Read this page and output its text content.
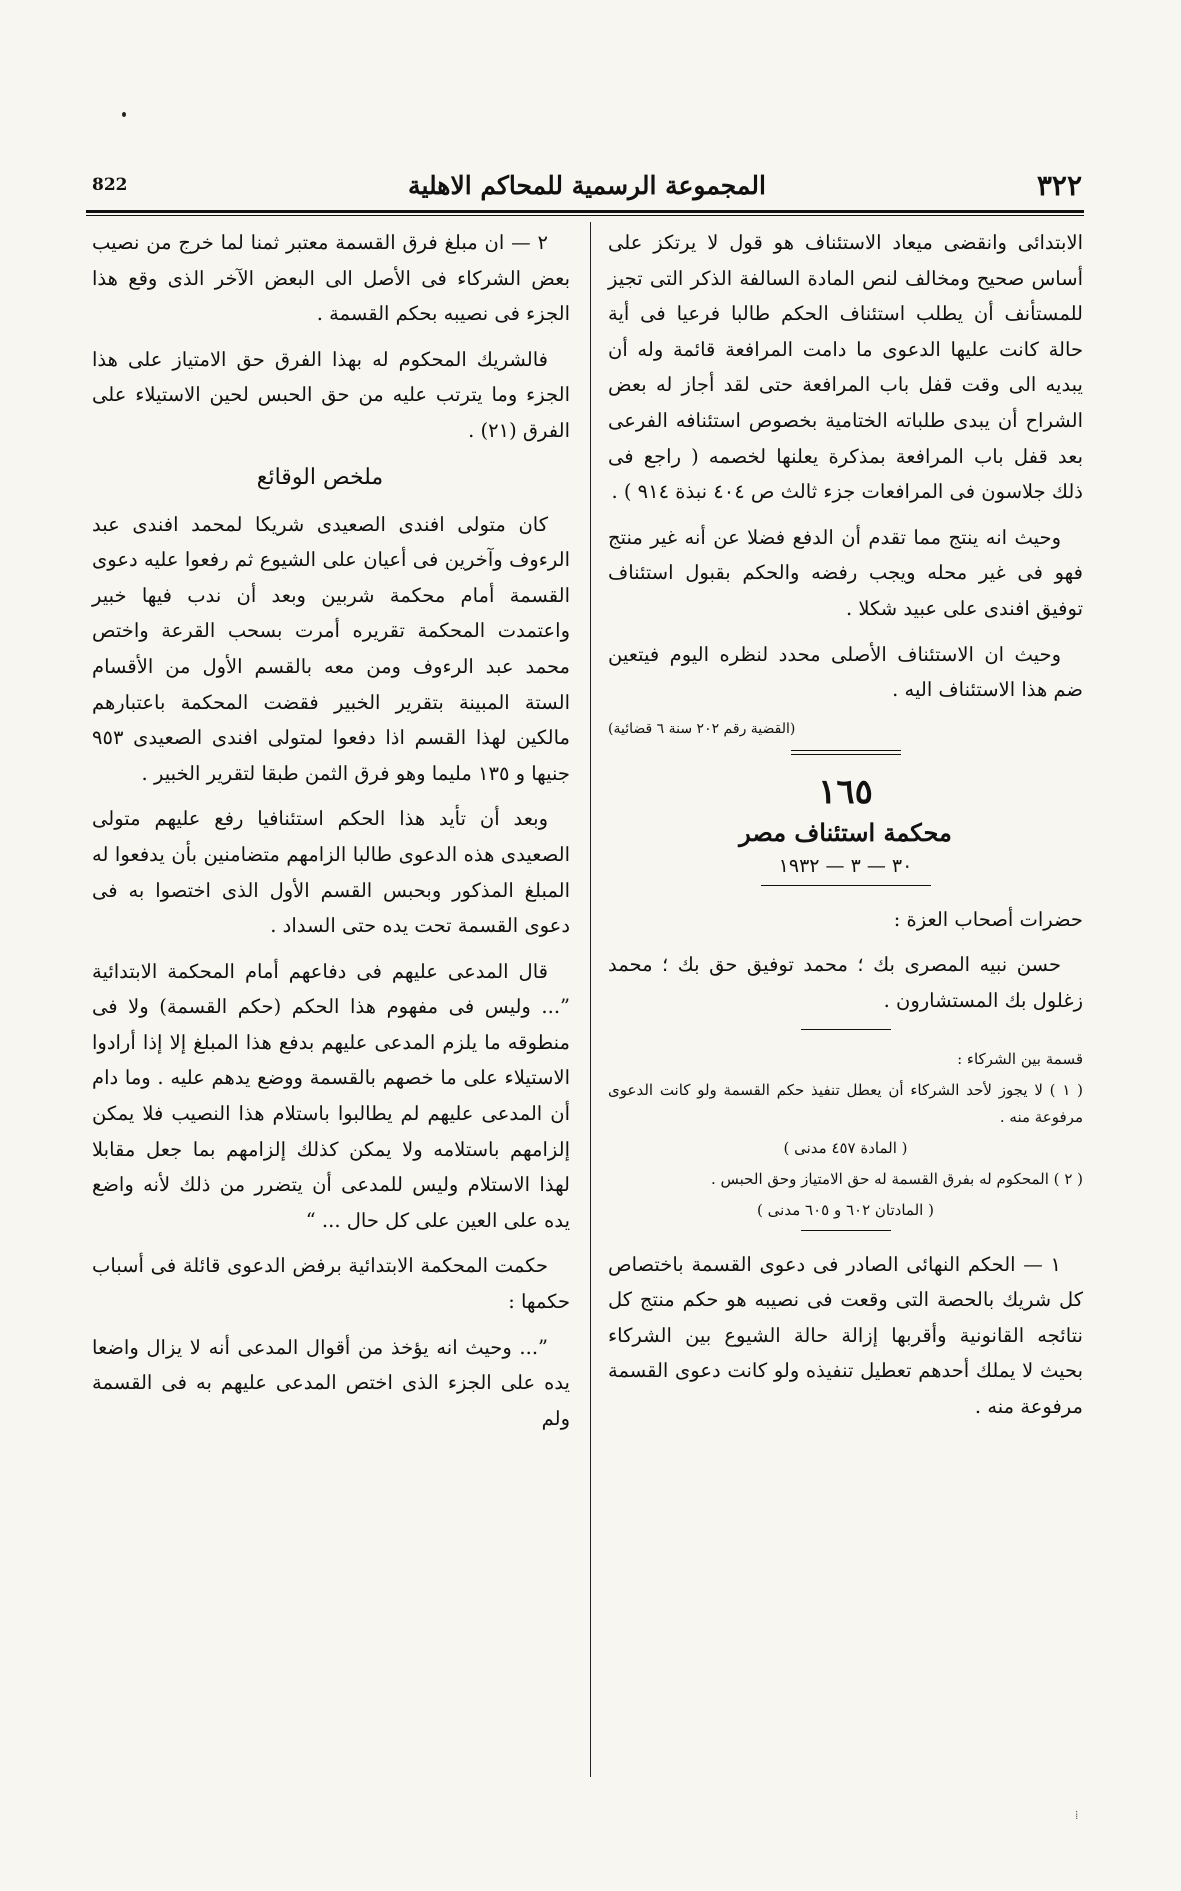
822	المجموعة الرسمية للمحاكم الاهلية	٣٢٢

الابتدائى وانقضى ميعاد الاستئناف هو قول لا يرتكز على أساس صحيح ومخالف لنص المادة السالفة الذكر التى تجيز للمستأنف أن يطلب استئناف الحكم طالبا فرعيا فى أية حالة كانت عليها الدعوى ما دامت المرافعة قائمة وله أن يبديه الى وقت قفل باب المرافعة حتى لقد أجاز له بعض الشراح أن يبدى طلباته الختامية بخصوص استئنافه الفرعى بعد قفل باب المرافعة بمذكرة يعلنها لخصمه ( راجع فى ذلك جلاسون فى المرافعات جزء ثالث ص ٤٠٤ نبذة ٩١٤ ) .

وحيث انه ينتج مما تقدم أن الدفع فضلا عن أنه غير منتج فهو فى غير محله ويجب رفضه والحكم بقبول استئناف توفيق افندى على عبيد شكلا .

وحيث ان الاستئناف الأصلى محدد لنظره اليوم فيتعين ضم هذا الاستئناف اليه .

(القضية رقم ٢٠٢ سنة ٦ قضائية)
١٦٥
محكمة استئناف مصر
٣٠ — ٣ — ١٩٣٢

حضرات أصحاب العزة :

حسن نبيه المصرى بك ؛ محمد توفيق حق بك ؛ محمد زغلول بك المستشارون .

قسمة بين الشركاء :

( ١ ) لا يجوز لأحد الشركاء أن يعطل تنفيذ حكم القسمة ولو كانت الدعوى مرفوعة منه .

( المادة ٤٥٧ مدنى )

( ٢ ) المحكوم له بفرق القسمة له حق الامتياز وحق الحبس .

( المادتان ٦٠٢ و ٦٠٥ مدنى )

١ — الحكم النهائى الصادر فى دعوى القسمة باختصاص كل شريك بالحصة التى وقعت فى نصيبه هو حكم منتج كل نتائجه القانونية وأقربها إزالة حالة الشيوع بين الشركاء بحيث لا يملك أحدهم تعطيل تنفيذه ولو كانت دعوى القسمة مرفوعة منه .

٢ — ان مبلغ فرق القسمة معتبر ثمنا لما خرج من نصيب بعض الشركاء فى الأصل الى البعض الآخر الذى وقع هذا الجزء فى نصيبه بحكم القسمة .

فالشريك المحكوم له بهذا الفرق حق الامتياز على هذا الجزء وما يترتب عليه من حق الحبس لحين الاستيلاء على الفرق (٢١) .

ملخص الوقائع

كان متولى افندى الصعيدى شريكا لمحمد افندى عبد الرءوف وآخرين فى أعيان على الشيوع ثم رفعوا عليه دعوى القسمة أمام محكمة شربين وبعد أن ندب فيها خبير واعتمدت المحكمة تقريره أمرت بسحب القرعة واختص محمد عبد الرءوف ومن معه بالقسم الأول من الأقسام الستة المبينة بتقرير الخبير فقضت المحكمة باعتبارهم مالكين لهذا القسم اذا دفعوا لمتولى افندى الصعيدى ٩٥٣ جنيها و ١٣٥ مليما وهو فرق الثمن طبقا لتقرير الخبير .

وبعد أن تأيد هذا الحكم استئنافيا رفع عليهم متولى الصعيدى هذه الدعوى طالبا الزامهم متضامنين بأن يدفعوا له المبلغ المذكور وبحبس القسم الأول الذى اختصوا به فى دعوى القسمة تحت يده حتى السداد .

قال المدعى عليهم فى دفاعهم أمام المحكمة الابتدائية ”... وليس فى مفهوم هذا الحكم (حكم القسمة) ولا فى منطوقه ما يلزم المدعى عليهم بدفع هذا المبلغ إلا إذا أرادوا الاستيلاء على ما خصهم بالقسمة ووضع يدهم عليه . وما دام أن المدعى عليهم لم يطالبوا باستلام هذا النصيب فلا يمكن إلزامهم باستلامه ولا يمكن كذلك إلزامهم بما جعل مقابلا لهذا الاستلام وليس للمدعى أن يتضرر من ذلك لأنه واضع يده على العين على كل حال ... “

حكمت المحكمة الابتدائية برفض الدعوى قائلة فى أسباب حكمها :

”... وحيث انه يؤخذ من أقوال المدعى أنه لا يزال واضعا يده على الجزء الذى اختص المدعى عليهم به فى القسمة ولم

⁞
